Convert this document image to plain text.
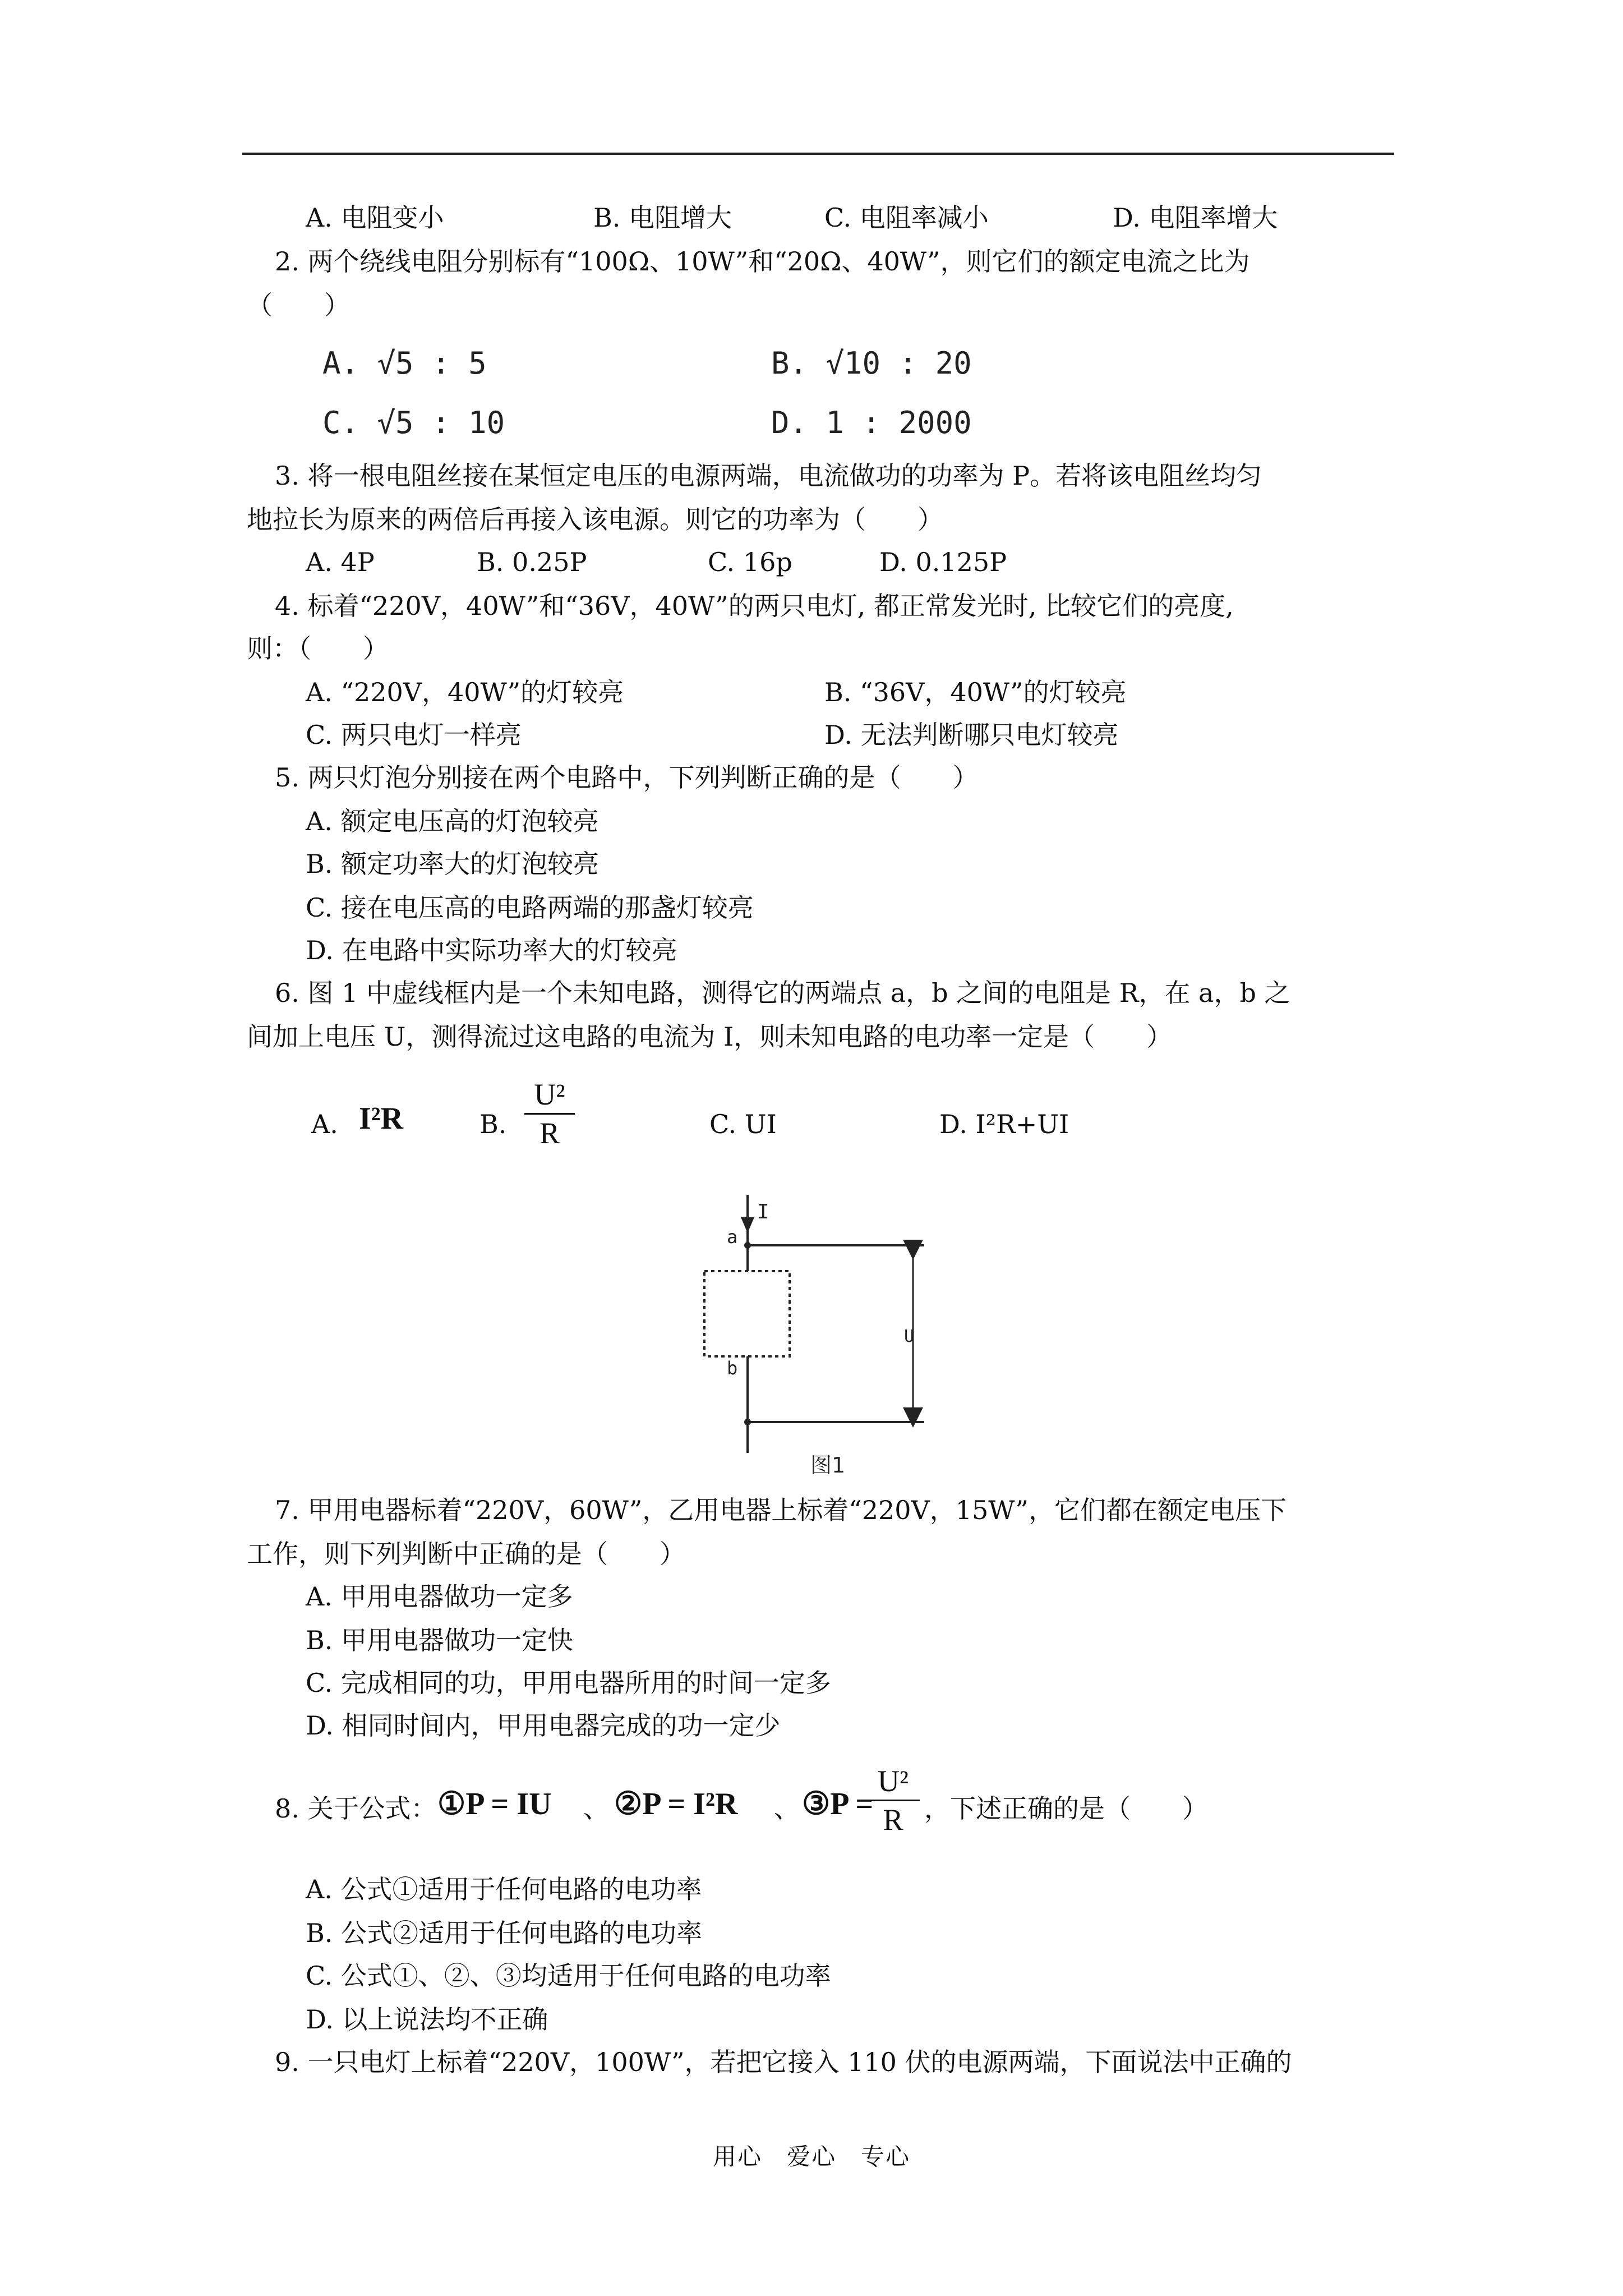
A. 电阻变小	B. 电阻增大	C. 电阻率减小	D. 电阻率增大
2. 两个绕线电阻分别标有“100Ω、10W”和“20Ω、40W”，则它们的额定电流之比为
（　　）
A. √5 : 5	B. √10 : 20
C. √5 : 10	D. 1 : 2000
3. 将一根电阻丝接在某恒定电压的电源两端，电流做功的功率为 P。若将该电阻丝均匀
地拉长为原来的两倍后再接入该电源。则它的功率为（　　）
A. 4P	B. 0.25P	C. 16p	D. 0.125P
4. 标着“220V，40W”和“36V，40W”的两只电灯, 都正常发光时, 比较它们的亮度,
则：（　　）
A. “220V，40W”的灯较亮	B. “36V，40W”的灯较亮
C. 两只电灯一样亮	D. 无法判断哪只电灯较亮
5. 两只灯泡分别接在两个电路中，下列判断正确的是（　　）
A. 额定电压高的灯泡较亮
B. 额定功率大的灯泡较亮
C. 接在电压高的电路两端的那盏灯较亮
D. 在电路中实际功率大的灯较亮
6. 图 1 中虚线框内是一个未知电路，测得它的两端点 a，b 之间的电阻是 R，在 a，b 之
间加上电压 U，测得流过这电路的电流为 I，则未知电路的电功率一定是（　　）
A. I²R	B.
U²
R	C. UI	D. I²R+UI
I
a
b
U
图1
7. 甲用电器标着“220V，60W”，乙用电器上标着“220V，15W”，它们都在额定电压下
工作，则下列判断中正确的是（　　）
A. 甲用电器做功一定多
B. 甲用电器做功一定快
C. 完成相同的功，甲用电器所用的时间一定多
D. 相同时间内，甲用电器完成的功一定少
8. 关于公式： ①P = IU 、 ②P = I²R 、 ③P =
U²
R ，下述正确的是（　　）
A. 公式①适用于任何电路的电功率
B. 公式②适用于任何电路的电功率
C. 公式①、②、③均适用于任何电路的电功率
D. 以上说法均不正确
9. 一只电灯上标着“220V，100W”，若把它接入 110 伏的电源两端，下面说法中正确的
用心　爱心　专心
